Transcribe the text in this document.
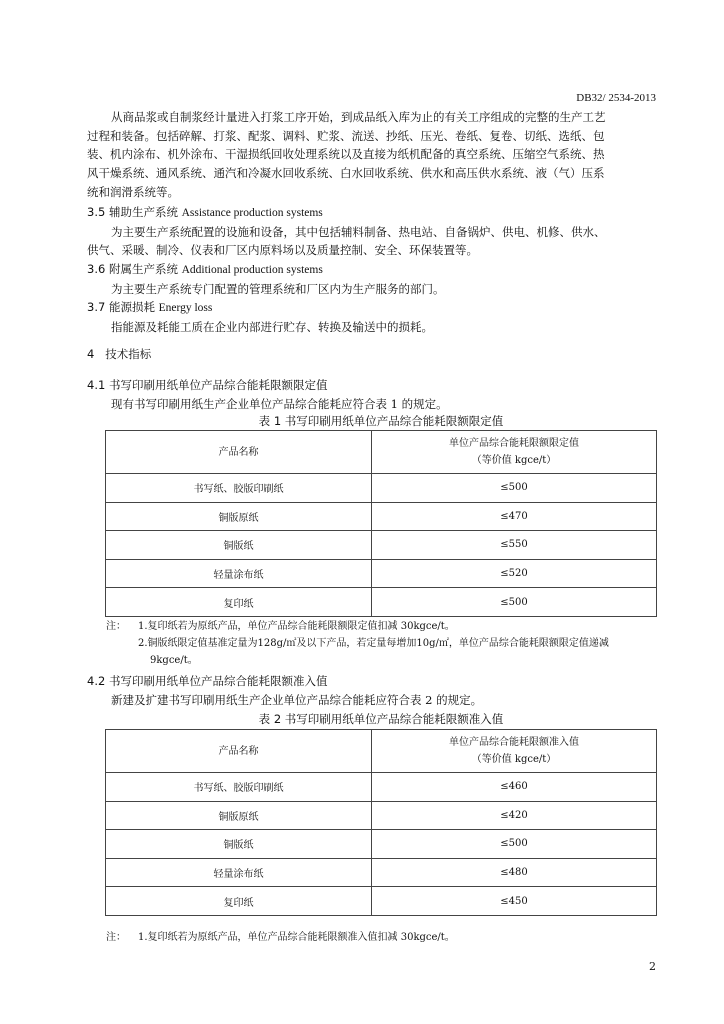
DB32/ 2534-2013
从商品浆或自制浆经计量进入打浆工序开始，到成品纸入库为止的有关工序组成的完整的生产工艺
过程和装备。包括碎解、打浆、配浆、调料、贮浆、流送、抄纸、压光、卷纸、复卷、切纸、选纸、包
装、机内涂布、机外涂布、干湿损纸回收处理系统以及直接为纸机配备的真空系统、压缩空气系统、热
风干燥系统、通风系统、通汽和冷凝水回收系统、白水回收系统、供水和高压供水系统、液（气）压系
统和润滑系统等。
3.5 辅助生产系统 Assistance production systems
为主要生产系统配置的设施和设备，其中包括辅料制备、热电站、自备锅炉、供电、机修、供水、
供气、采暖、制冷、仪表和厂区内原料场以及质量控制、安全、环保装置等。
3.6 附属生产系统 Additional production systems
为主要生产系统专门配置的管理系统和厂区内为生产服务的部门。
3.7 能源损耗 Energy loss
指能源及耗能工质在企业内部进行贮存、转换及输送中的损耗。
4 技术指标
4.1 书写印刷用纸单位产品综合能耗限额限定值
现有书写印刷用纸生产企业单位产品综合能耗应符合表 1 的规定。
表 1 书写印刷用纸单位产品综合能耗限额限定值
产品名称	单位产品综合能耗限额限定值
（等价值 kgce/t）

书写纸、胶版印刷纸	≤500
铜版原纸	≤470
铜版纸	≤550
轻量涂布纸	≤520
复印纸	≤500
注： 1.复印纸若为原纸产品，单位产品综合能耗限额限定值扣减 30kgce/t。
2.铜版纸限定值基准定量为128g/㎡及以下产品，若定量每增加10g/㎡，单位产品综合能耗限额限定值递减
9kgce/t。
4.2 书写印刷用纸单位产品综合能耗限额准入值
新建及扩建书写印刷用纸生产企业单位产品综合能耗应符合表 2 的规定。
表 2 书写印刷用纸单位产品综合能耗限额准入值
产品名称	单位产品综合能耗限额准入值
（等价值 kgce/t）

书写纸、胶版印刷纸	≤460
铜版原纸	≤420
铜版纸	≤500
轻量涂布纸	≤480
复印纸	≤450
注： 1.复印纸若为原纸产品，单位产品综合能耗限额准入值扣减 30kgce/t。
2
